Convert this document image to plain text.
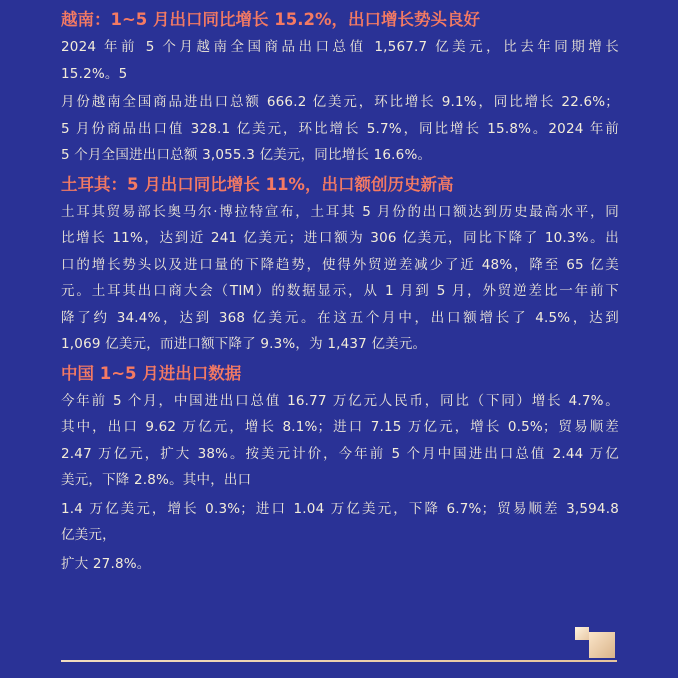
越南：1~5 月出口同比增长 15.2%，出口增长势头良好

2024 年前 5 个月越南全国商品出口总值 1,567.7 亿美元，比去年同期增长
15.2%。5

月份越南全国商品进出口总额 666.2 亿美元，环比增长 9.1%，同比增长 22.6%；
5 月份商品出口值 328.1 亿美元，环比增长 5.7%，同比增长 15.8%。2024 年前
5 个月全国进出口总额 3,055.3 亿美元，同比增长 16.6%。

土耳其：5 月出口同比增长 11%，出口额创历史新高

土耳其贸易部长奥马尔·博拉特宣布，土耳其 5 月份的出口额达到历史最高水平，同
比增长 11%，达到近 241 亿美元；进口额为 306 亿美元，同比下降了 10.3%。出
口的增长势头以及进口量的下降趋势，使得外贸逆差减少了近 48%，降至 65 亿美
元。土耳其出口商大会（TIM）的数据显示，从 1 月到 5 月，外贸逆差比一年前下
降了约 34.4%，达到 368 亿美元。在这五个月中，出口额增长了 4.5%，达到
1,069 亿美元，而进口额下降了 9.3%，为 1,437 亿美元。

中国 1~5 月进出口数据

今年前 5 个月，中国进出口总值 16.77 万亿元人民币，同比（下同）增长 4.7%。
其中，出口 9.62 万亿元，增长 8.1%；进口 7.15 万亿元，增长 0.5%；贸易顺差
2.47 万亿元，扩大 38%。按美元计价，今年前 5 个月中国进出口总值 2.44 万亿
美元，下降 2.8%。其中，出口

1.4 万亿美元，增长 0.3%；进口 1.04 万亿美元，下降 6.7%；贸易顺差 3,594.8
亿美元，

扩大 27.8%。
